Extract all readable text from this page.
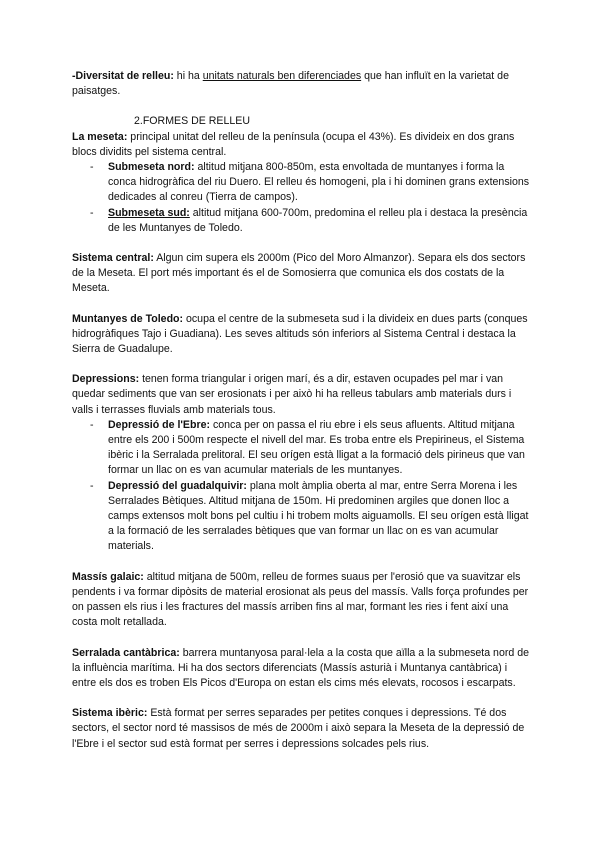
-Diversitat de relleu: hi ha unitats naturals ben diferenciades que han influït en la varietat de paisatges.

2.FORMES DE RELLEU

La meseta: principal unitat del relleu de la península (ocupa el 43%). Es divideix en dos grans blocs dividits pel sistema central.

- Submeseta nord: altitud mitjana 800-850m, esta envoltada de muntanyes i forma la conca hidrogràfica del riu Duero. El relleu és homogeni, pla i hi dominen grans extensions dedicades al conreu (Tierra de campos).
- Submeseta sud: altitud mitjana 600-700m, predomina el relleu pla i destaca la presència de les Muntanyes de Toledo.

Sistema central: Algun cim supera els 2000m (Pico del Moro Almanzor). Separa els dos sectors de la Meseta. El port més important és el de Somosierra que comunica els dos costats de la Meseta.

Muntanyes de Toledo: ocupa el centre de la submeseta sud i la divideix en dues parts (conques hidrogràfiques Tajo i Guadiana). Les seves altituds són inferiors al Sistema Central i destaca la Sierra de Guadalupe.

Depressions: tenen forma triangular i origen marí, és a dir, estaven ocupades pel mar i van quedar sediments que van ser erosionats i per això hi ha relleus tabulars amb materials durs i valls i terrasses fluvials amb materials tous.

- Depressió de l'Ebre: conca per on passa el riu ebre i els seus afluents. Altitud mitjana entre els 200 i 500m respecte el nivell del mar. Es troba entre els Prepirineus, el Sistema ibèric i la Serralada prelitoral. El seu orígen està lligat a la formació dels pirineus que van formar un llac on es van acumular materials de les muntanyes.
- Depressió del guadalquivir: plana molt àmplia oberta al mar, entre Serra Morena i les Serralades Bètiques. Altitud mitjana de 150m. Hi predominen argiles que donen lloc a camps extensos molt bons pel cultiu i hi trobem molts aiguamolls. El seu orígen està lligat a la formació de les serralades bètiques que van formar un llac on es van acumular materials.

Massís galaic: altitud mitjana de 500m, relleu de formes suaus per l'erosió que va suavitzar els pendents i va formar dipòsits de material erosionat als peus del massís. Valls força profundes per on passen els rius i les fractures del massís arriben fins al mar, formant les ries i fent així una costa molt retallada.

Serralada cantàbrica: barrera muntanyosa paral·lela a la costa que aïlla a la submeseta nord de la influència marítima. Hi ha dos sectors diferenciats (Massís asturià i Muntanya cantàbrica) i entre els dos es troben Els Picos d'Europa on estan els cims més elevats, rocosos i escarpats.

Sistema ibèric: Està format per serres separades per petites conques i depressions. Té dos sectors, el sector nord té massisos de més de 2000m i això separa la Meseta de la depressió de l'Ebre i el sector sud està format per serres i depressions solcades pels rius.
